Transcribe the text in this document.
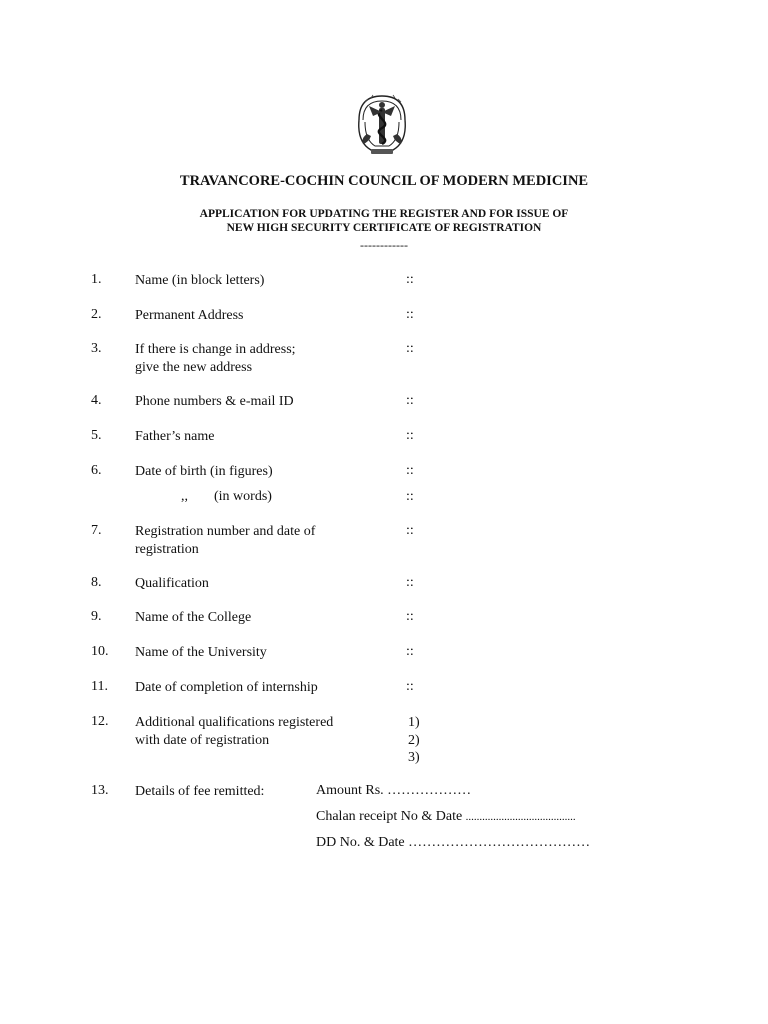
TRAVANCORE-COCHIN COUNCIL OF MODERN MEDICINE
APPLICATION FOR UPDATING THE REGISTER AND FOR ISSUE OF
NEW HIGH SECURITY CERTIFICATE OF REGISTRATION
------------
1. Name (in block letters)	::
2. Permanent Address	::
3. If there is change in address;
give the new address
::
4. Phone numbers & e-mail ID	::
5. Father’s name	::
6. Date of birth (in figures)	::
,, (in words)	::
7. Registration number and date of
registration
::
8. Qualification	::
9. Name of the College	::
10. Name of the University	::
11. Date of completion of internship	::
12. Additional qualifications registered
with date of registration
1)
2)
3)
13. Details of fee remitted:	Amount Rs. ………………
Chalan receipt No & Date ........................................
DD No. & Date …………………………………
